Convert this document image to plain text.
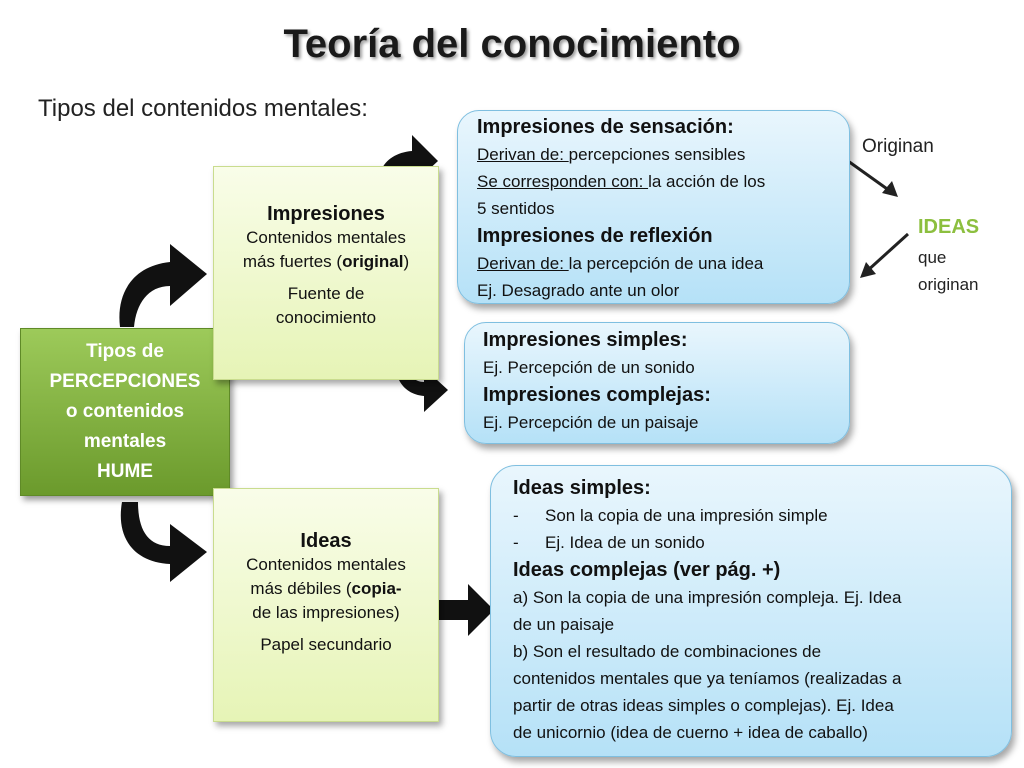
Teoría del conocimiento
Tipos del contenidos mentales:
Tipos de
PERCEPCIONES
o contenidos
mentales
HUME
Impresiones
Contenidos mentales
más fuertes (original)
Fuente de
conocimiento
Ideas
Contenidos mentales
más débiles (copia-
de las impresiones)
Papel secundario
Impresiones de sensación:
Derivan de: percepciones sensibles
Se corresponden con: la acción de los
5 sentidos
Impresiones de reflexión
Derivan de: la percepción de una idea
Ej. Desagrado ante un olor
Impresiones simples:
Ej. Percepción de un sonido
Impresiones complejas:
Ej. Percepción de un paisaje
Ideas simples:
-	Son la copia de una impresión simple
-	Ej. Idea de un sonido
Ideas complejas (ver pág. +)
a) Son la copia de una impresión compleja. Ej. Idea
de un paisaje
b) Son el resultado de combinaciones de
contenidos mentales que ya teníamos (realizadas a
partir de otras ideas simples o complejas). Ej. Idea
de unicornio (idea de cuerno + idea de caballo)
Originan
IDEAS
que
originan
